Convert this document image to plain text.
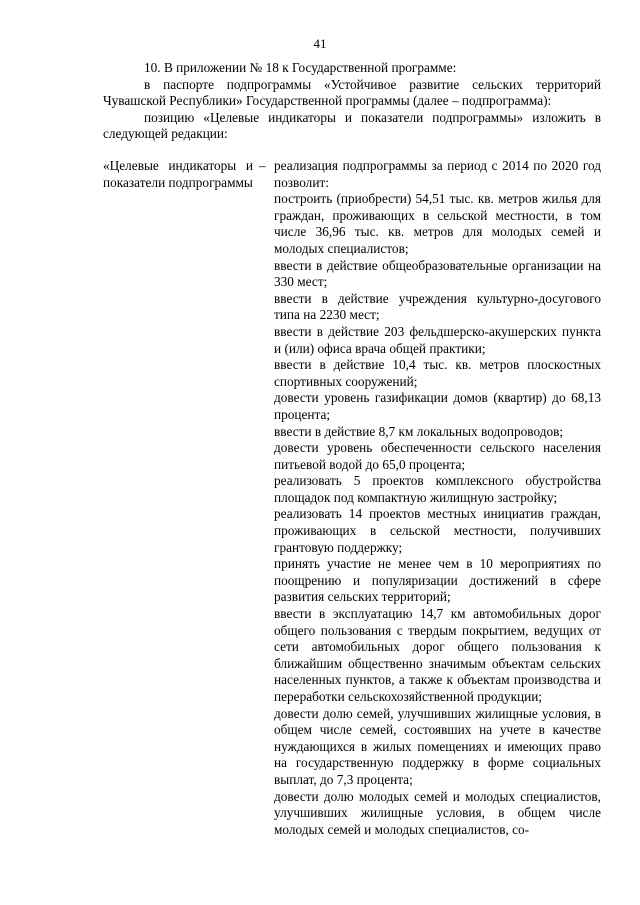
41

10. В приложении № 18 к Государственной программе:

в паспорте подпрограммы «Устойчивое развитие сельских территорий Чувашской Республики» Государственной программы (далее – подпрограмма):

позицию «Целевые индикаторы и показатели подпрограммы» изложить в следующей редакции:

«Целевые индикаторы и показатели подпрограммы
– реализация подпрограммы за период с 2014 по 2020 год позволит:

построить (приобрести) 54,51 тыс. кв. метров жилья для граждан, проживающих в сельской местности, в том числе 36,96 тыс. кв. метров для молодых семей и молодых специалистов;

ввести в действие общеобразовательные организации на 330 мест;

ввести в действие учреждения культурно-досугового типа на 2230 мест;

ввести в действие 203 фельдшерско-акушерских пункта и (или) офиса врача общей практики;

ввести в действие 10,4 тыс. кв. метров плоскостных спортивных сооружений;

довести уровень газификации домов (квартир) до 68,13 процента;

ввести в действие 8,7 км локальных водопроводов;

довести уровень обеспеченности сельского населения питьевой водой до 65,0 процента;

реализовать 5 проектов комплексного обустройства площадок под компактную жилищную застройку;

реализовать 14 проектов местных инициатив граждан, проживающих в сельской местности, получивших грантовую поддержку;

принять участие не менее чем в 10 мероприятиях по поощрению и популяризации достижений в сфере развития сельских территорий;

ввести в эксплуатацию 14,7 км автомобильных дорог общего пользования с твердым покрытием, ведущих от сети автомобильных дорог общего пользования к ближайшим общественно значимым объектам сельских населенных пунктов, а также к объектам производства и переработки сельскохозяйственной продукции;

довести долю семей, улучшивших жилищные условия, в общем числе семей, состоявших на учете в качестве нуждающихся в жилых помещениях и имеющих право на государственную поддержку в форме социальных выплат, до 7,3 процента;

довести долю молодых семей и молодых специалистов, улучшивших жилищные условия, в общем числе молодых семей и молодых специалистов, со-
